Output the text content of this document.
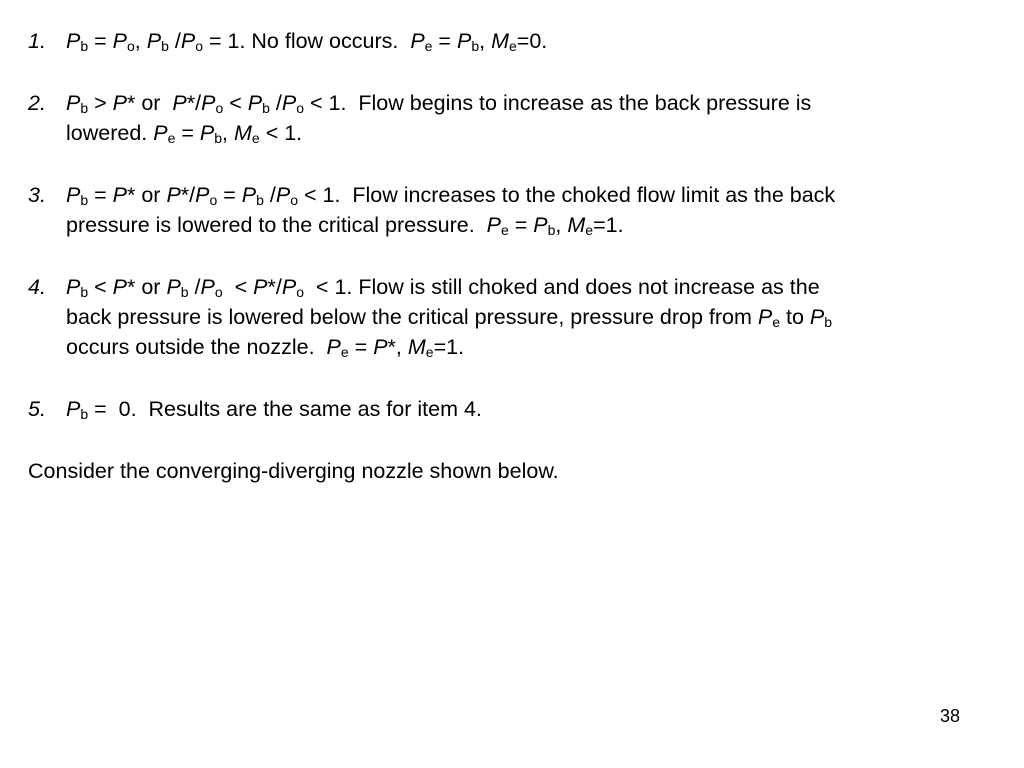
1. $P_b = P_o$, $P_b$ $/P_o = 1$. No flow occurs.  $P_e = P_b$, $M_e=0$.
2. $P_b > P*$ or  $P*/P_o < P_b$ $/P_o < 1$.  Flow begins to increase as the back pressure is
lowered. $P_e = P_b$, $M_e < 1$.
3. $P_b = P*$ or $P*/P_o = P_b$ $/P_o < 1$.  Flow increases to the choked flow limit as the back
pressure is lowered to the critical pressure.  $P_e = P_b$, $M_e=1$.
4. $P_b < P*$ or $P_b$ $/P_o < P*/P_o < 1$. Flow is still choked and does not increase as the
back pressure is lowered below the critical pressure, pressure drop from $P_e$ to $P_b$
occurs outside the nozzle.  $P_e = P*$, $M_e=1$.
5. $P_b = 0$.  Results are the same as for item 4.
Consider the converging-diverging nozzle shown below.
38
